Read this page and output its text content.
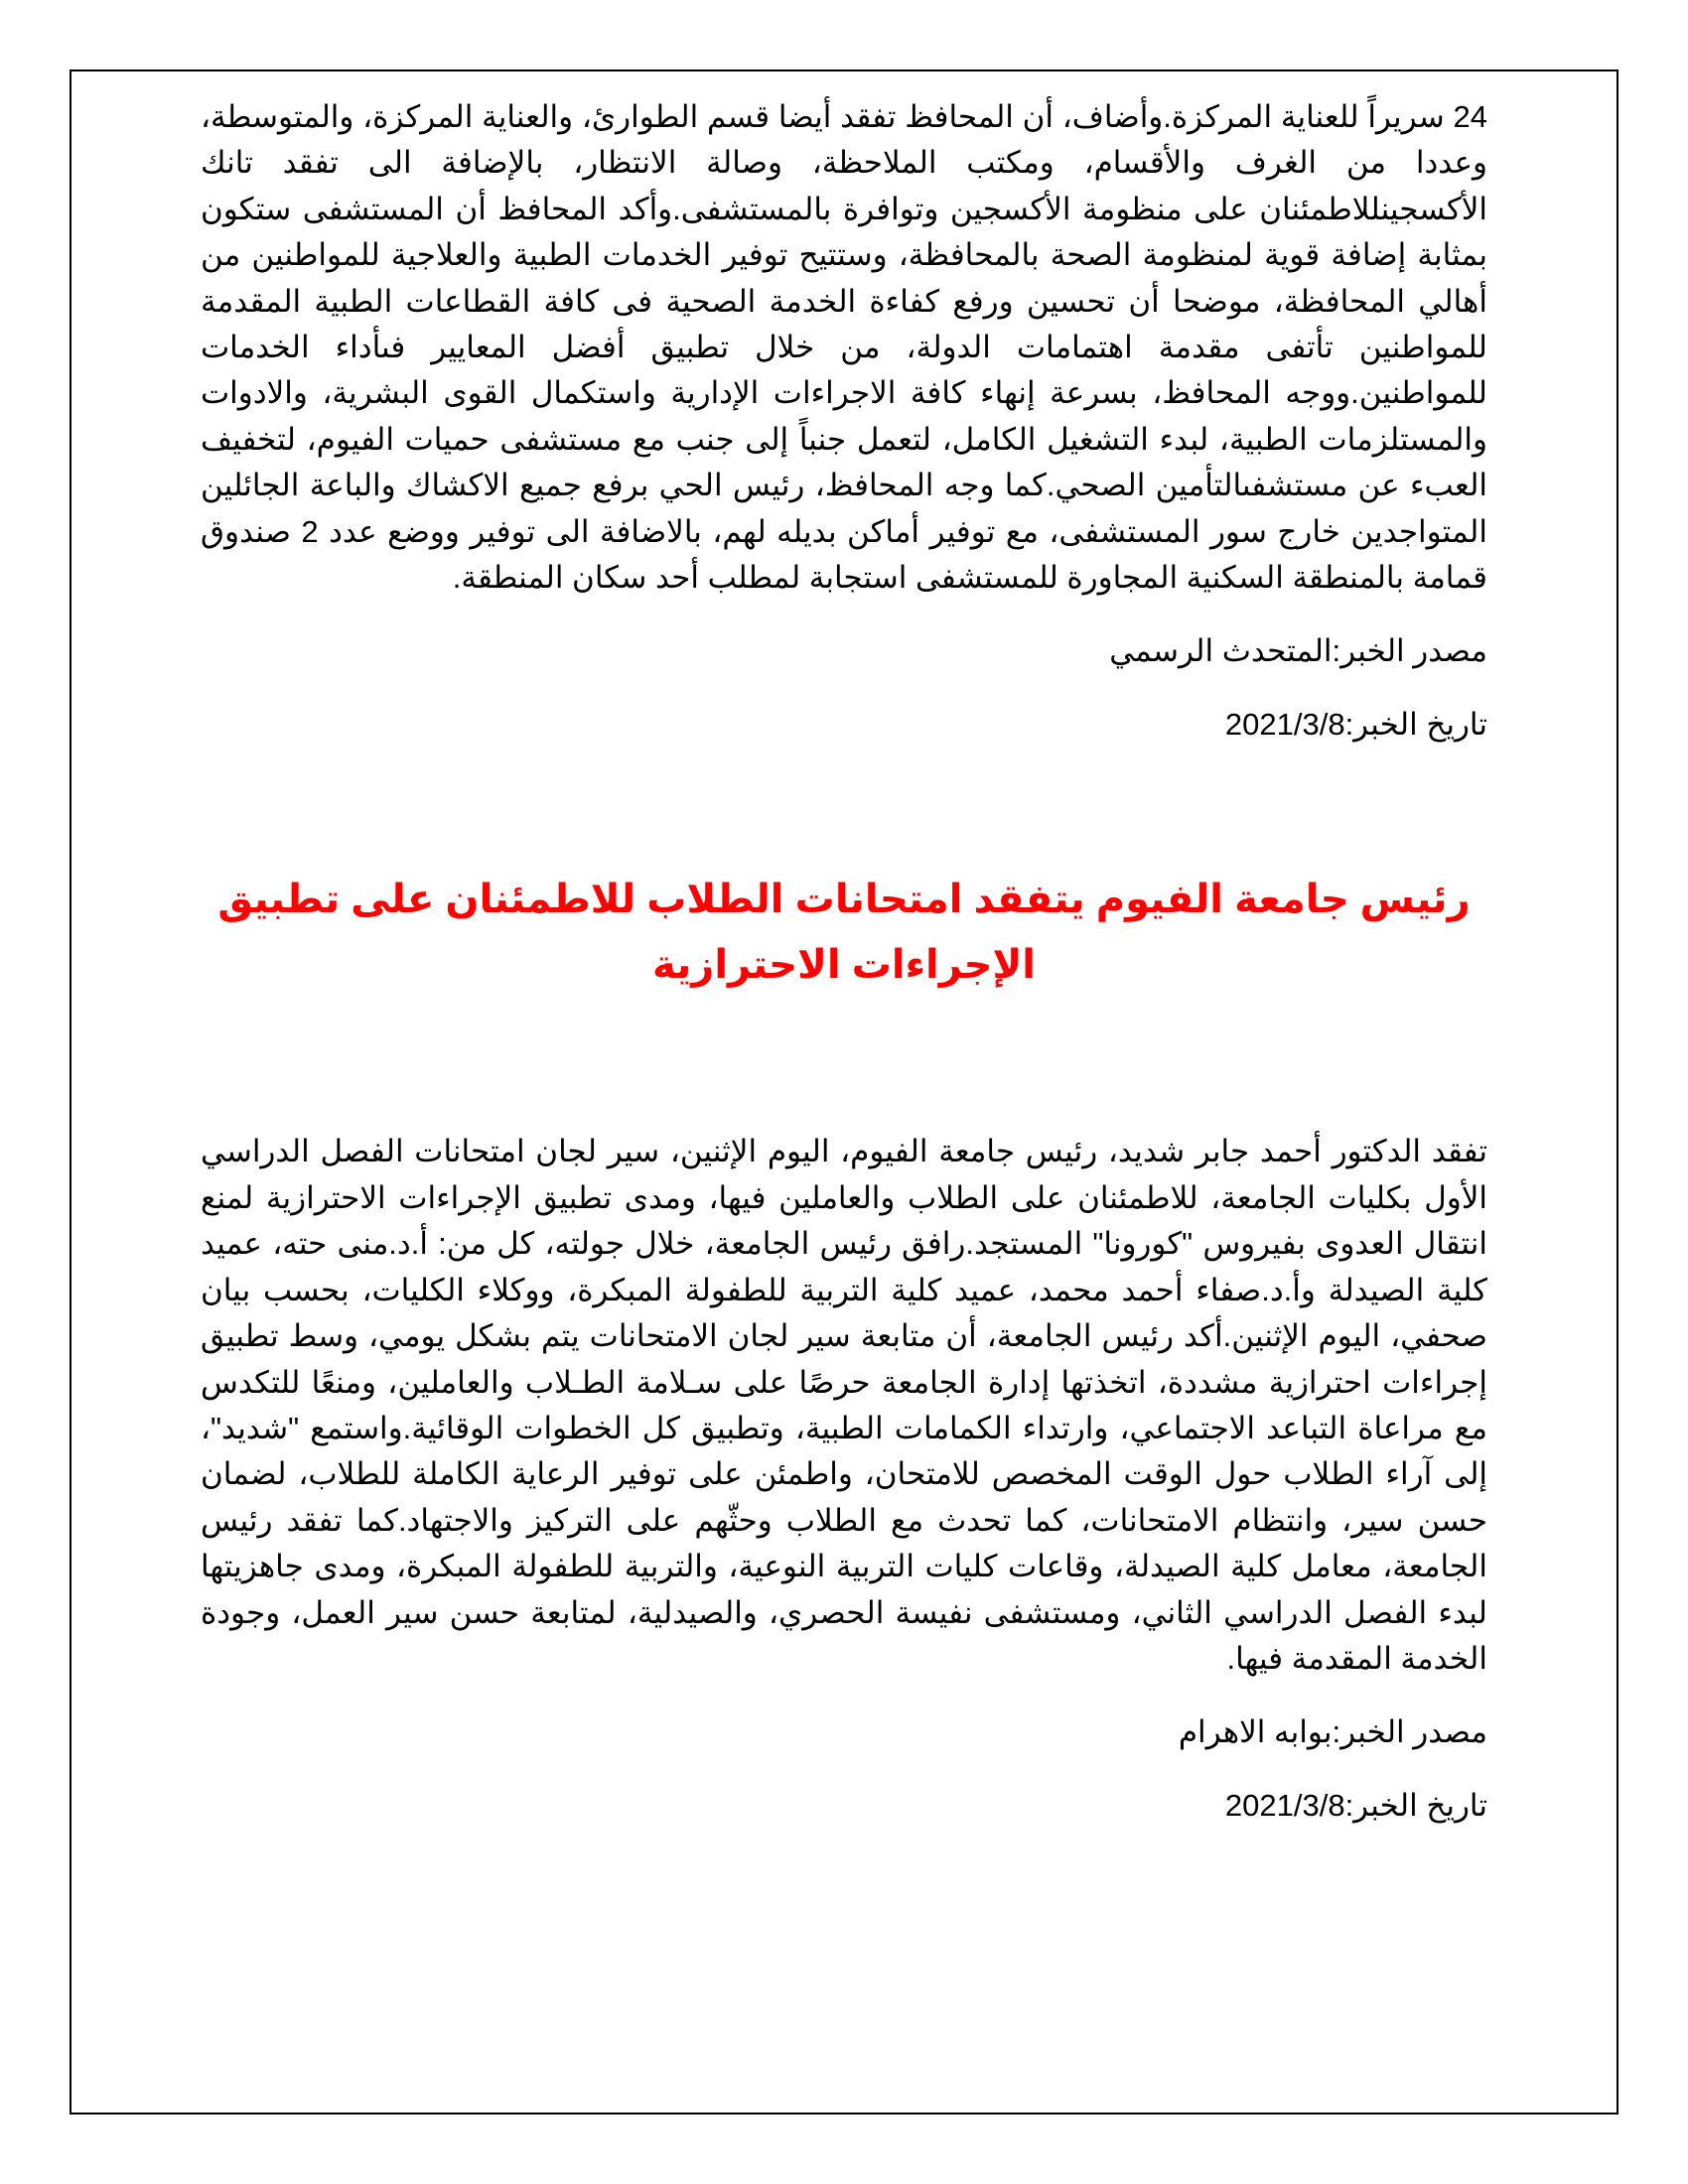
24 سريراً للعناية المركزة.وأضاف، أن المحافظ تفقد أيضا قسم الطوارئ، والعناية المركزة، والمتوسطة، وعددا من الغرف والأقسام، ومكتب الملاحظة، وصالة الانتظار، بالإضافة الى تفقد تانك الأكسجينللاطمئنان على منظومة الأكسجين وتوافرة بالمستشفى.وأكد المحافظ أن المستشفى ستكون بمثابة إضافة قوية لمنظومة الصحة بالمحافظة، وستتيح توفير الخدمات الطبية والعلاجية للمواطنين من أهالي المحافظة، موضحا أن تحسين ورفع كفاءة الخدمة الصحية فى كافة القطاعات الطبية المقدمة للمواطنين تأتفى مقدمة اهتمامات الدولة، من خلال تطبيق أفضل المعايير فىأداء الخدمات للمواطنين.ووجه المحافظ، بسرعة إنهاء كافة الاجراءات الإدارية واستكمال القوى البشرية، والادوات والمستلزمات الطبية، لبدء التشغيل الكامل، لتعمل جنباً إلى جنب مع مستشفى حميات الفيوم، لتخفيف العبء عن مستشفىالتأمين الصحي.كما وجه المحافظ، رئيس الحي برفع جميع الاكشاك والباعة الجائلين المتواجدين خارج سور المستشفى، مع توفير أماكن بديله لهم، بالاضافة الى توفير ووضع عدد 2 صندوق قمامة بالمنطقة السكنية المجاورة للمستشفى استجابة لمطلب أحد سكان المنطقة.

مصدر الخبر:المتحدث الرسمي

تاريخ الخبر:2021/3/8

رئيس جامعة الفيوم يتفقد امتحانات الطلاب للاطمئنان على تطبيق الإجراءات الاحترازية

تفقد الدكتور أحمد جابر شديد، رئيس جامعة الفيوم، اليوم الإثنين، سير لجان امتحانات الفصل الدراسي الأول بكليات الجامعة، للاطمئنان على الطلاب والعاملين فيها، ومدى تطبيق الإجراءات الاحترازية لمنع انتقال العدوى بفيروس "كورونا" المستجد.رافق رئيس الجامعة، خلال جولته، كل من: أ.د.منى حته، عميد كلية الصيدلة وأ.د.صفاء أحمد محمد، عميد كلية التربية للطفولة المبكرة، ووكلاء الكليات، بحسب بيان صحفي، اليوم الإثنين.أكد رئيس الجامعة، أن متابعة سير لجان الامتحانات يتم بشكل يومي، وسط تطبيق إجراءات احترازية مشددة، اتخذتها إدارة الجامعة حرصًا على سـلامة الطـلاب والعاملين، ومنعًا للتكدس مع مراعاة التباعد الاجتماعي، وارتداء الكمامات الطبية، وتطبيق كل الخطوات الوقائية.واستمع "شديد"، إلى آراء الطلاب حول الوقت المخصص للامتحان، واطمئن على توفير الرعاية الكاملة للطلاب، لضمان حسن سير، وانتظام الامتحانات، كما تحدث مع الطلاب وحثّهم على التركيز والاجتهاد.كما تفقد رئيس الجامعة، معامل كلية الصيدلة، وقاعات كليات التربية النوعية، والتربية للطفولة المبكرة، ومدى جاهزيتها لبدء الفصل الدراسي الثاني، ومستشفى نفيسة الحصري، والصيدلية، لمتابعة حسن سير العمل، وجودة الخدمة المقدمة فيها.

مصدر الخبر:بوابه الاهرام

تاريخ الخبر:2021/3/8
